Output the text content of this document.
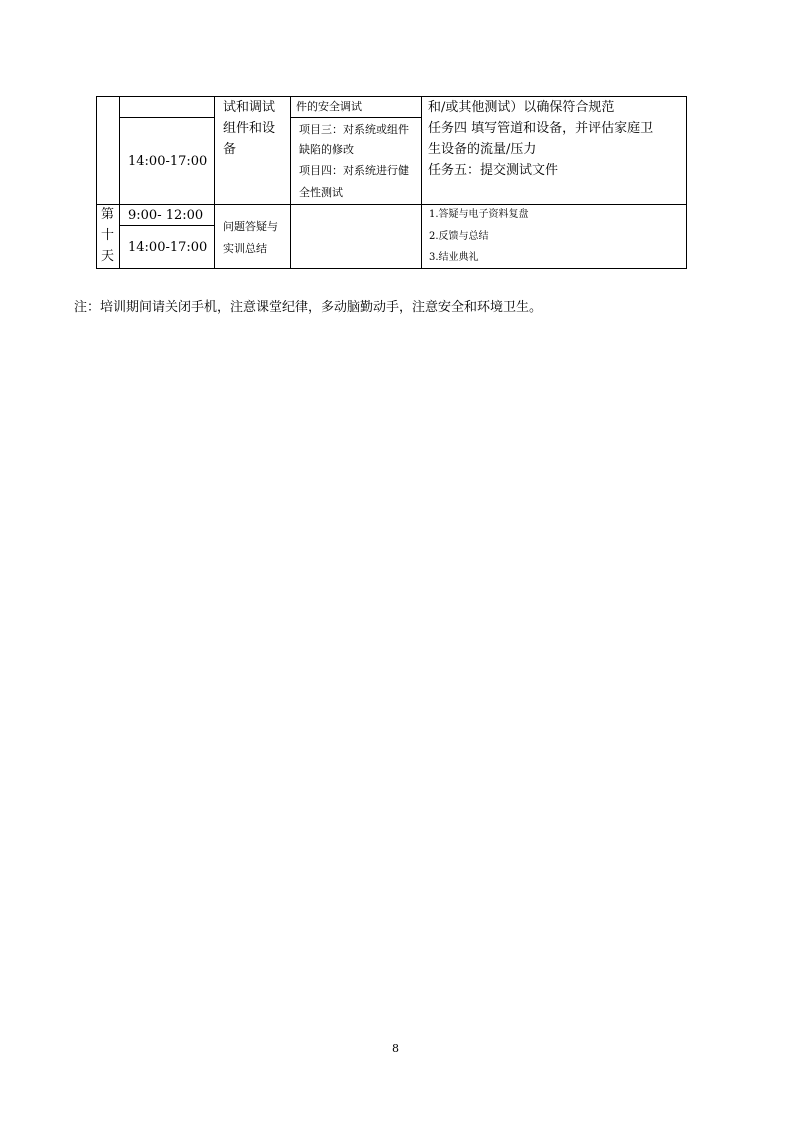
14:00-17:00
试和调试
组件和设
备
件的安全调试
项目三：对系统或组件
缺陷的修改
项目四：对系统进行健
全性测试
和/或其他测试）以确保符合规范
任务四 填写管道和设备，并评估家庭卫
生设备的流量/压力
任务五：提交测试文件
第
十
天
9:00- 12:00
14:00-17:00
问题答疑与
实训总结
1.答疑与电子资料复盘
2.反馈与总结
3.结业典礼
注：培训期间请关闭手机，注意课堂纪律，多动脑勤动手，注意安全和环境卫生。
8
